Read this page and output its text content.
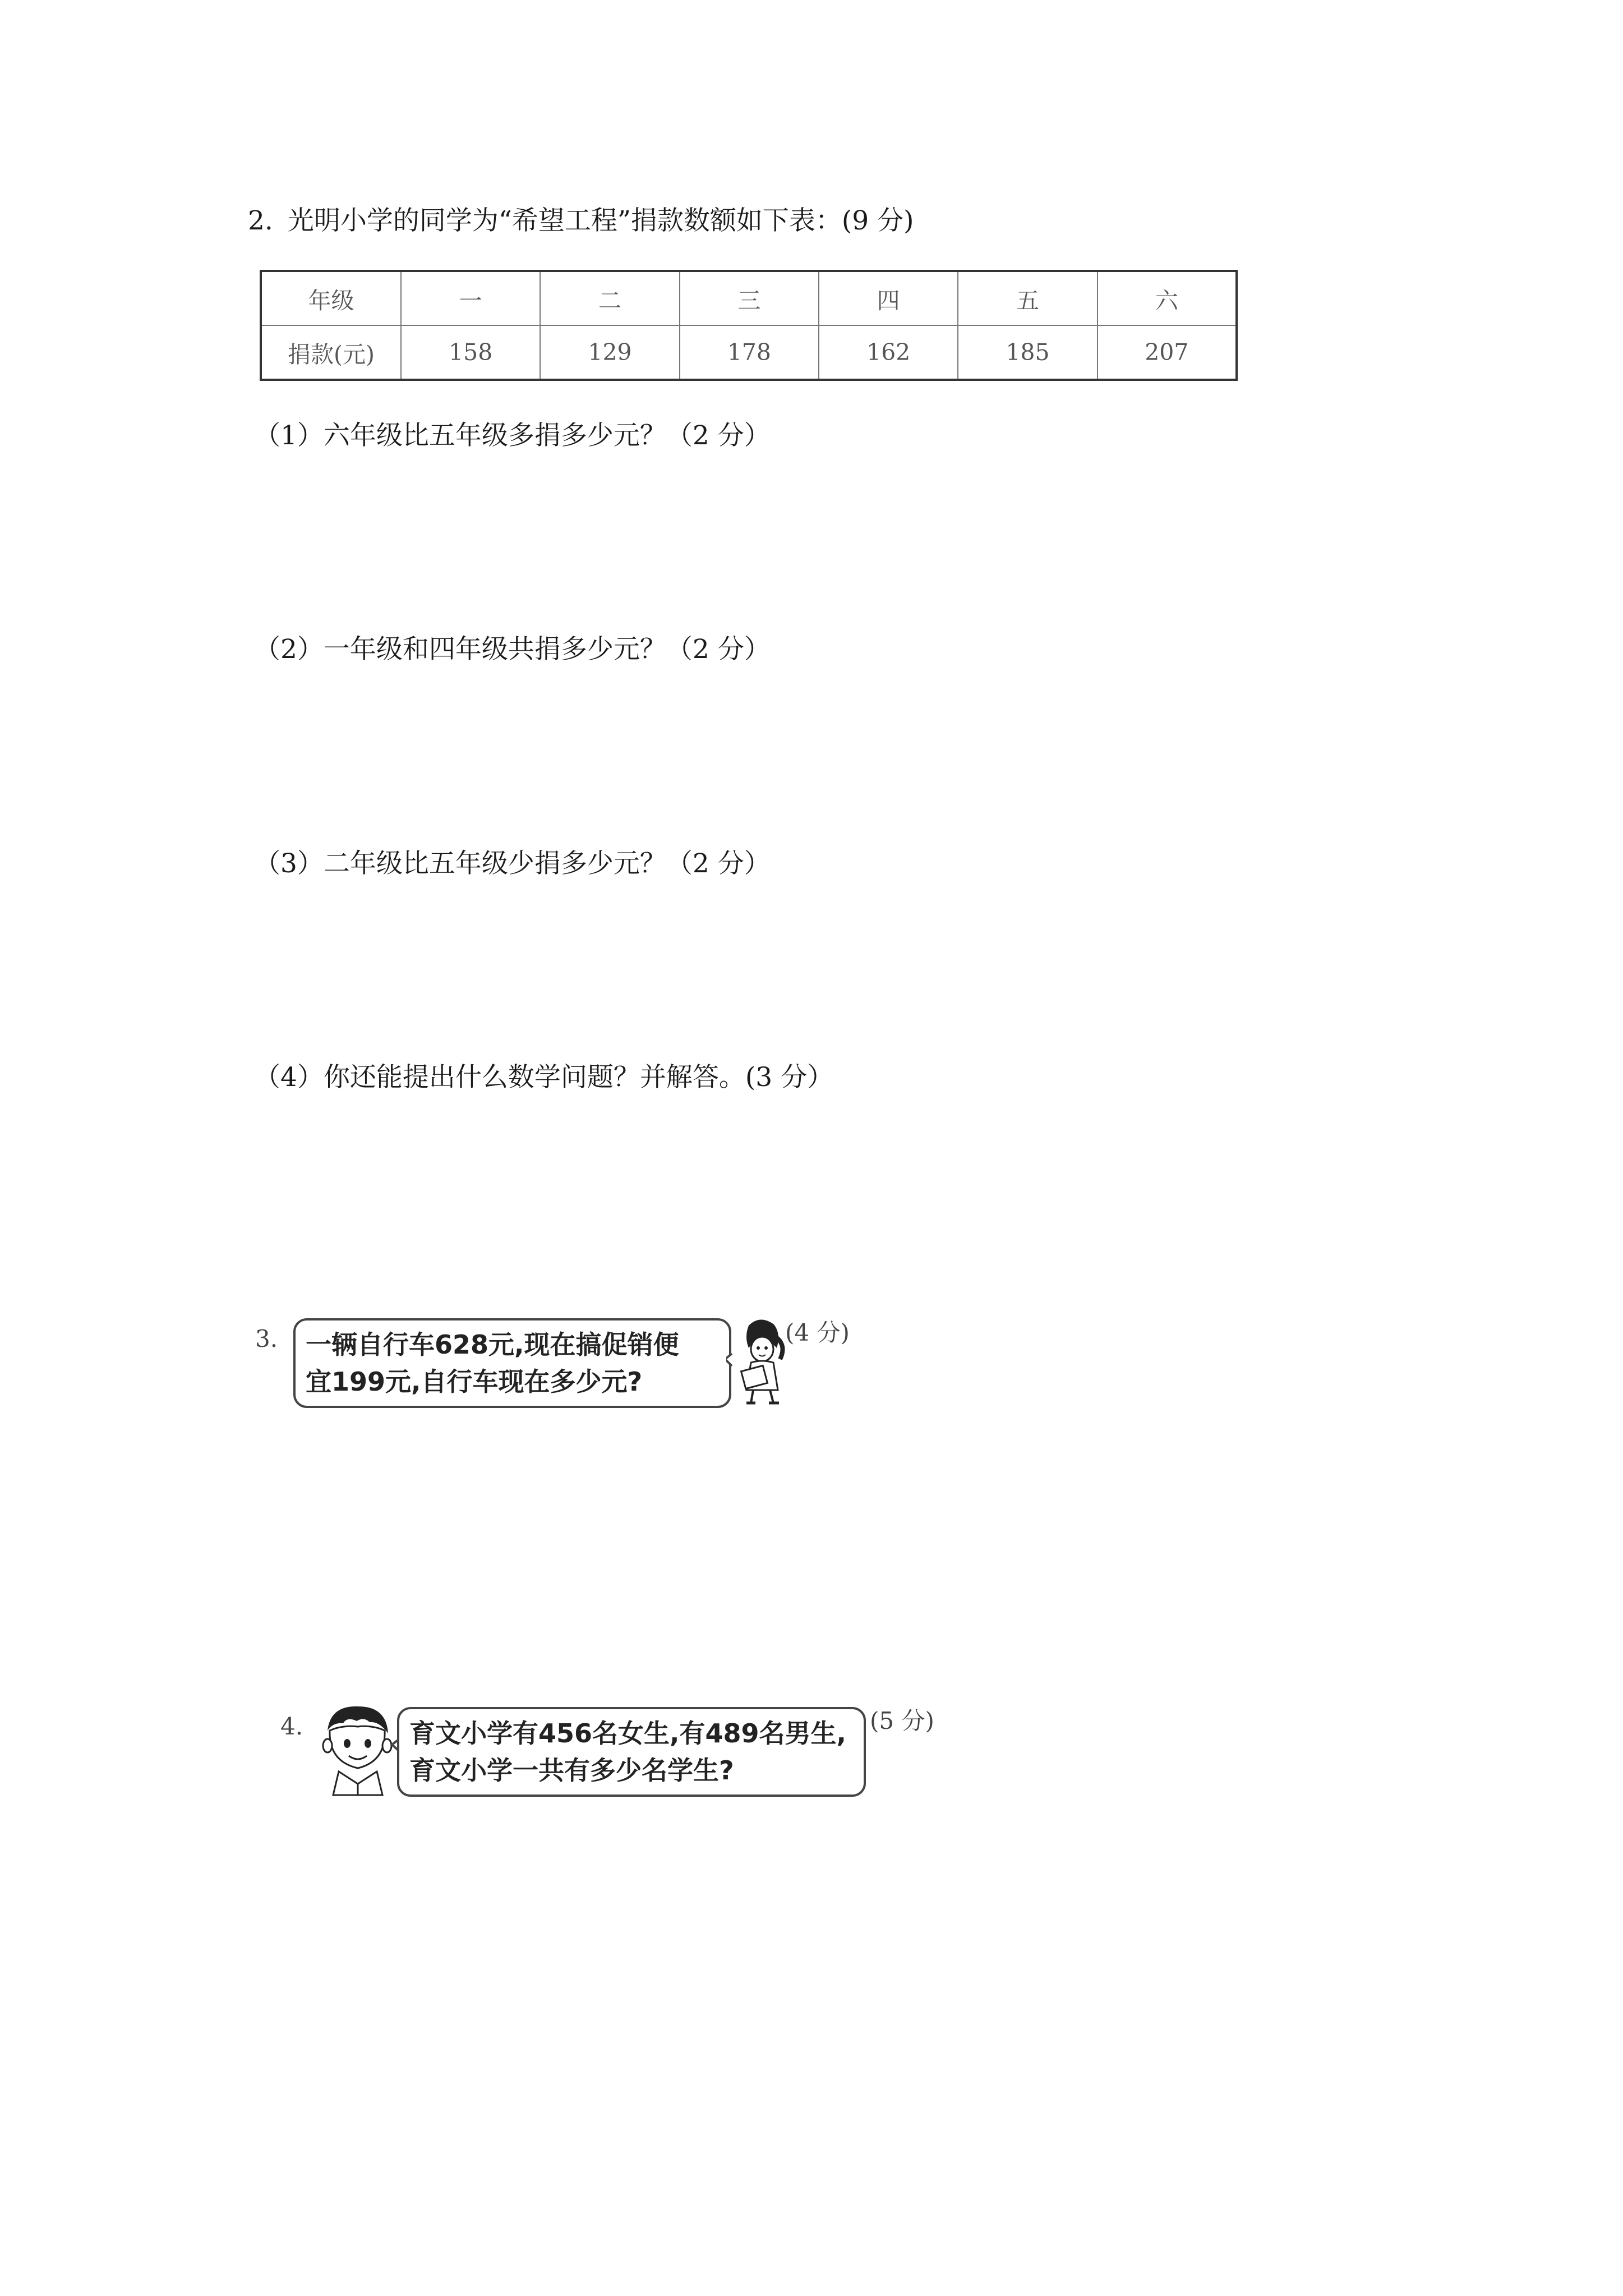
2. 光明小学的同学为“希望工程”捐款数额如下表：(9 分)
年级	一	二	三	四	五	六
捐款(元)	158	129	178	162	185	207
（1）六年级比五年级多捐多少元？（2 分）
（2）一年级和四年级共捐多少元？（2 分）
（3）二年级比五年级少捐多少元？（2 分）
（4）你还能提出什么数学问题？并解答。(3 分）
3. 一辆自行车628元,现在搞促销便
宜199元,自行车现在多少元?
(4 分)
4.	育文小学有456名女生,有489名男生,
育文小学一共有多少名学生?
(5 分)
